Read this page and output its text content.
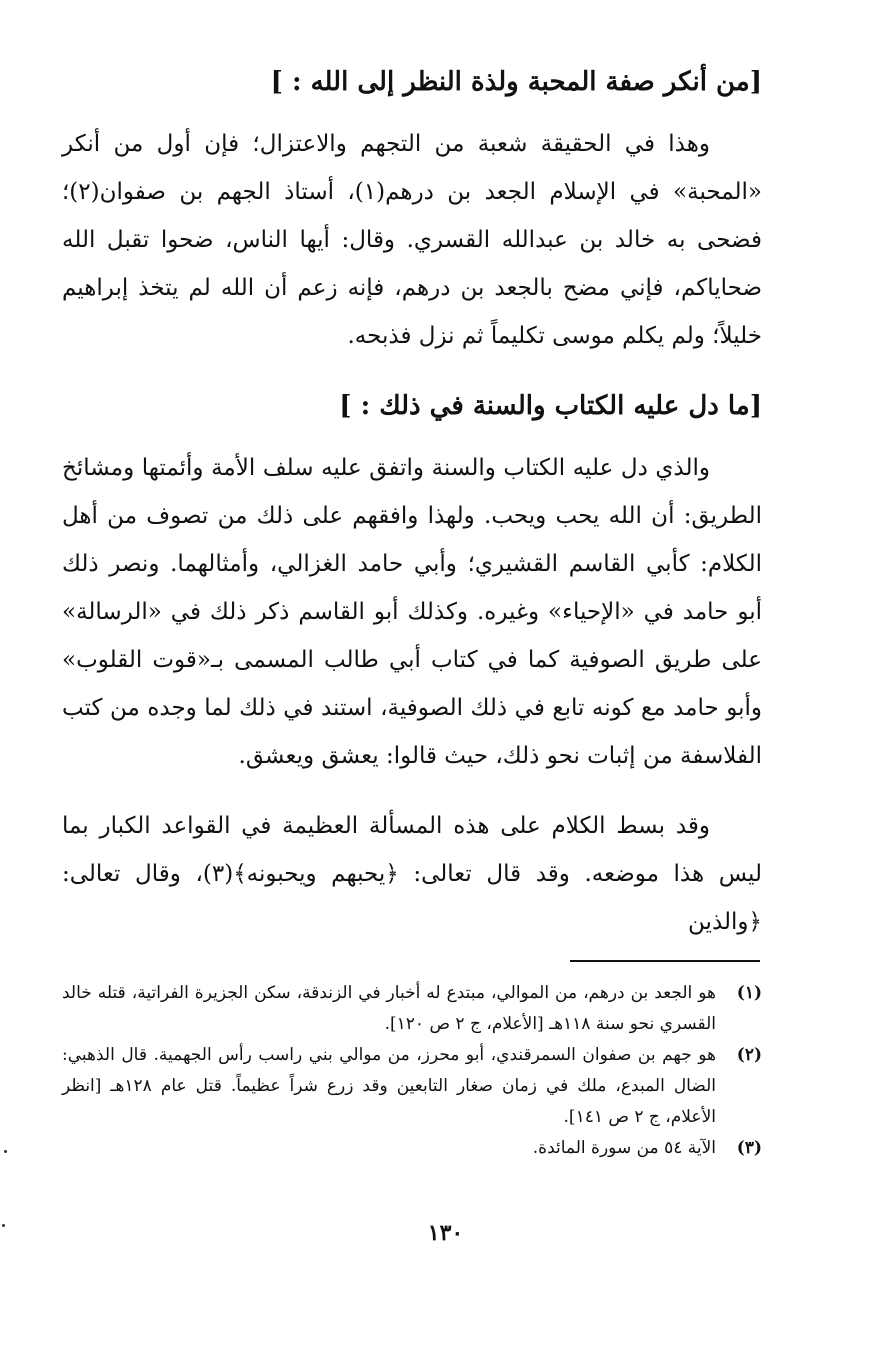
[من أنكر صفة المحبة ولذة النظر إلى الله : ]

وهذا في الحقيقة شعبة من التجهم والاعتزال؛ فإن أول من أنكر «المحبة» في الإسلام الجعد بن درهم(١)، أستاذ الجهم بن صفوان(٢)؛ فضحى به خالد بن عبدالله القسري. وقال: أيها الناس، ضحوا تقبل الله ضحاياكم، فإني مضح بالجعد بن درهم، فإنه زعم أن الله لم يتخذ إبراهيم خليلاً؛ ولم يكلم موسى تكليماً ثم نزل فذبحه.

[ما دل عليه الكتاب والسنة في ذلك : ]

والذي دل عليه الكتاب والسنة واتفق عليه سلف الأمة وأئمتها ومشائخ الطريق: أن الله يحب ويحب. ولهذا وافقهم على ذلك من تصوف من أهل الكلام: كأبي القاسم القشيري؛ وأبي حامد الغزالي، وأمثالهما. ونصر ذلك أبو حامد في «الإحياء» وغيره. وكذلك أبو القاسم ذكر ذلك في «الرسالة» على طريق الصوفية كما في كتاب أبي طالب المسمى بـ«قوت القلوب» وأبو حامد مع كونه تابع في ذلك الصوفية، استند في ذلك لما وجده من كتب الفلاسفة من إثبات نحو ذلك، حيث قالوا: يعشق ويعشق.

وقد بسط الكلام على هذه المسألة العظيمة في القواعد الكبار بما ليس هذا موضعه. وقد قال تعالى: ﴿يحبهم ويحبونه﴾(٣)، وقال تعالى: ﴿والذين

(١)
هو الجعد بن درهم، من الموالي، مبتدع له أخبار في الزندقة، سكن الجزيرة الفراتية، قتله خالد القسري نحو سنة ١١٨هـ [الأعلام، ج ٢ ص ١٢٠].
(٢)
هو جهم بن صفوان السمرقندي، أبو محرز، من موالي بني راسب رأس الجهمية. قال الذهبي: الضال المبدع، ملك في زمان صغار التابعين وقد زرع شراً عظيماً. قتل عام ١٢٨هـ [انظر الأعلام، ج ٢ ص ١٤١].
(٣)
الآية ٥٤ من سورة المائدة.
١٣٠
